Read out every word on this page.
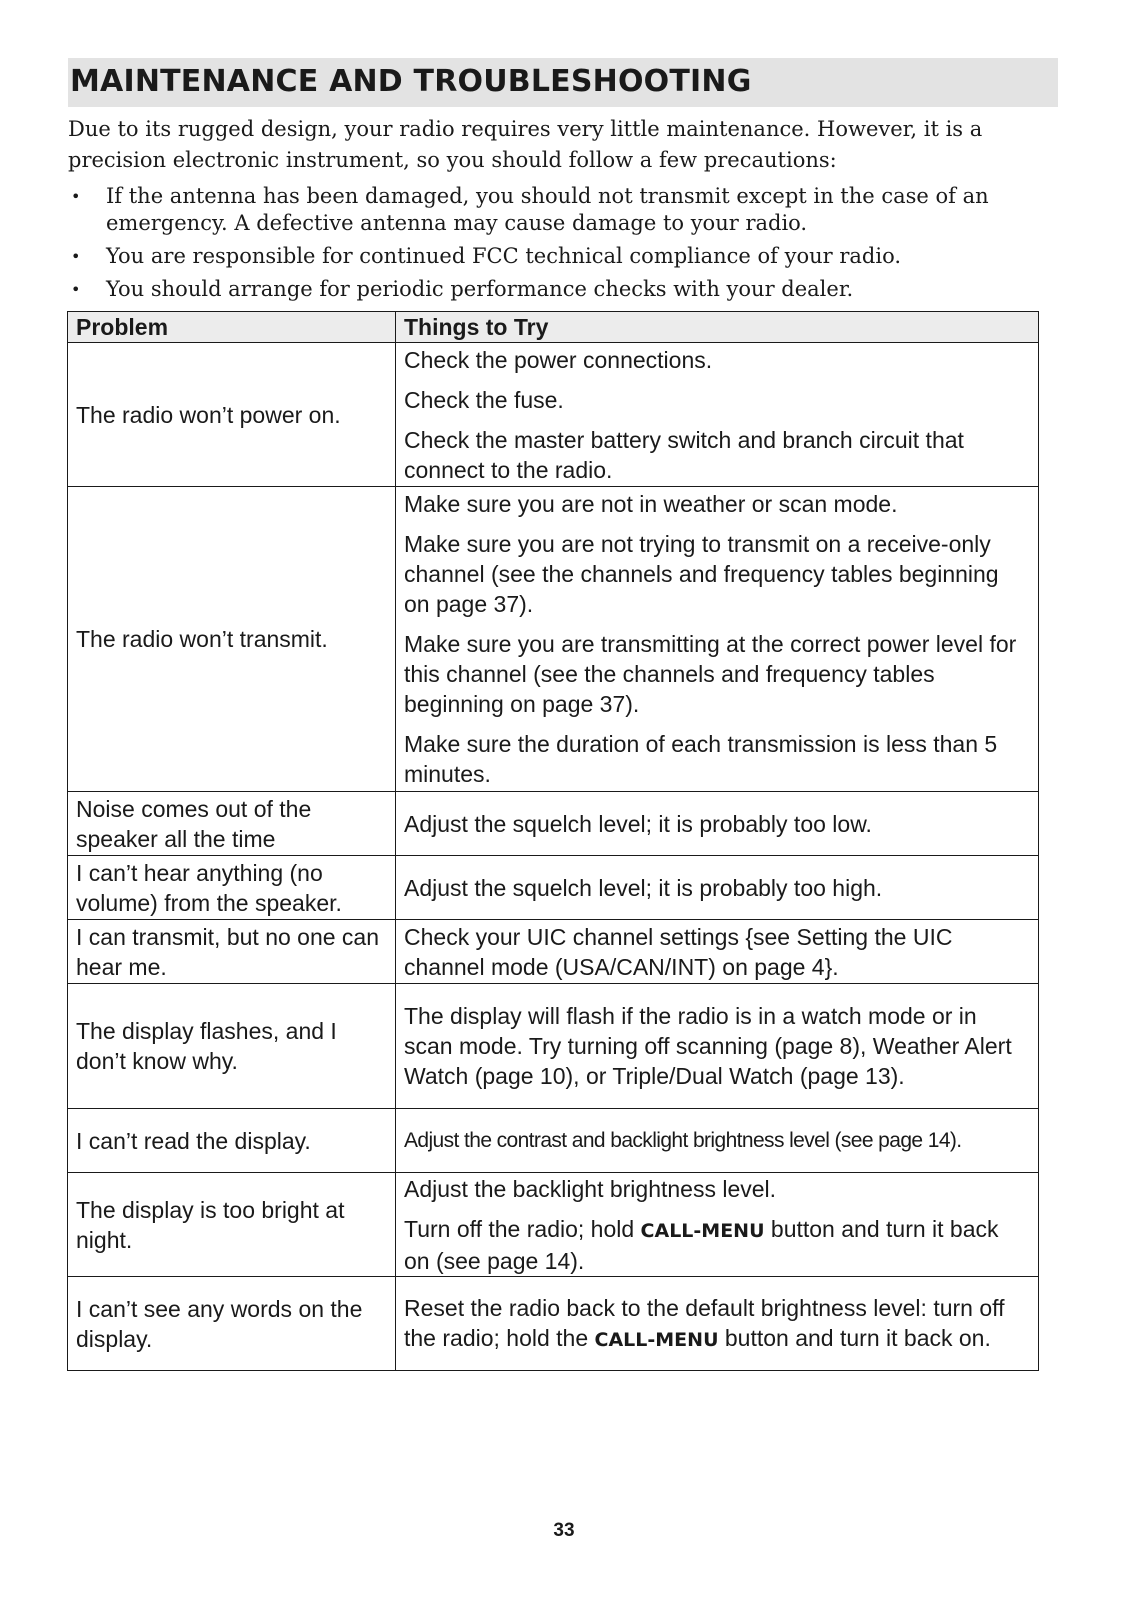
MAINTENANCE AND TROUBLESHOOTING

Due to its rugged design, your radio requires very little maintenance. However, it is a precision electronic instrument, so you should follow a few precautions:

• If the antenna has been damaged, you should not transmit except in the case of an emergency. A defective antenna may cause damage to your radio.
• You are responsible for continued FCC technical compliance of your radio.
• You should arrange for periodic performance checks with your dealer.
Problem	Things to Try
The radio won’t power on.	Check the power connections.

Check the fuse.

Check the master battery switch and branch circuit that connect to the radio.

The radio won’t transmit.	Make sure you are not in weather or scan mode.

Make sure you are not trying to transmit on a receive-only channel (see the channels and frequency tables beginning on page 37).

Make sure you are transmitting at the correct power level for this channel (see the channels and frequency tables beginning on page 37).

Make sure the duration of each transmission is less than 5 minutes.

Noise comes out of the speaker all the time	Adjust the squelch level; it is probably too low.

I can’t hear anything (no volume) from the speaker.	Adjust the squelch level; it is probably too high.

I can transmit, but no one can hear me.	Check your UIC channel settings {see Setting the UIC channel mode (USA/CAN/INT) on page 4}.

The display flashes, and I don’t know why.	The display will flash if the radio is in a watch mode or in scan mode. Try turning off scanning (page 8), Weather Alert Watch (page 10), or Triple/Dual Watch (page 13).

I can’t read the display.	Adjust the contrast and backlight brightness level (see page 14).

The display is too bright at night.	Adjust the backlight brightness level.

Turn off the radio; hold CALL-MENU button and turn it back on (see page 14).

I can’t see any words on the display.	Reset the radio back to the default brightness level: turn off the radio; hold the CALL-MENU button and turn it back on.

33
